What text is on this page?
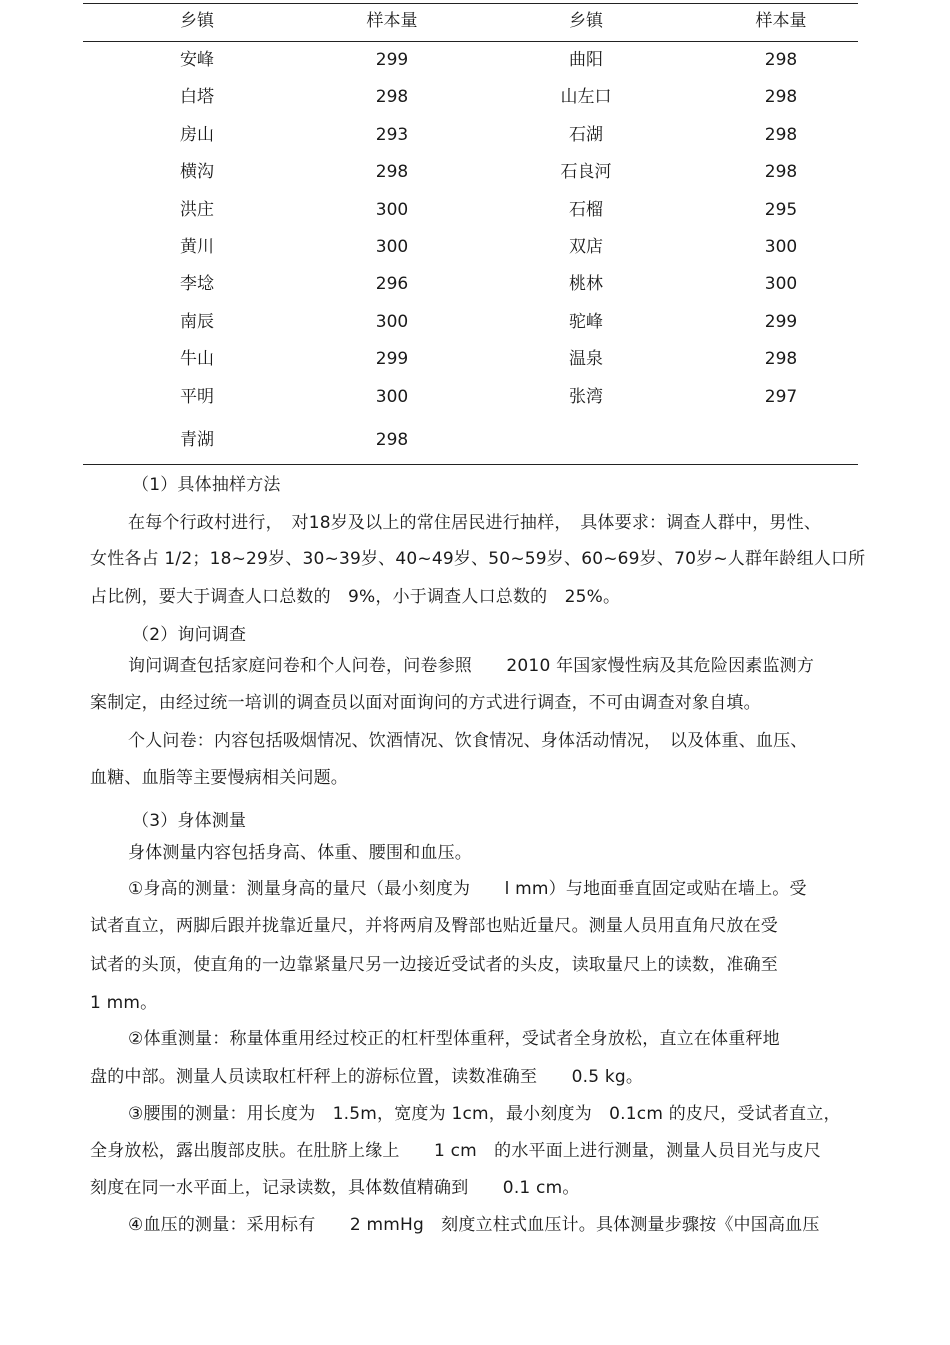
乡镇	样本量	乡镇	样本量
安峰	299	曲阳	298
白塔	298	山左口	298
房山	293	石湖	298
横沟	298	石良河	298
洪庄	300	石榴	295
黄川	300	双店	300
李埝	296	桃林	300
南辰	300	驼峰	299
牛山	299	温泉	298
平明	300	张湾	297
青湖	298
（1）具体抽样方法
在每个行政村进行，　对18岁及以上的常住居民进行抽样，　具体要求：调查人群中，男性、
女性各占 1/2；18~29岁、30~39岁、40~49岁、50~59岁、60~69岁、70岁~人群年龄组人口所
占比例，要大于调查人口总数的　9%，小于调查人口总数的　25%。
（2）询问调查
询问调查包括家庭问卷和个人问卷，问卷参照　　2010 年国家慢性病及其危险因素监测方
案制定，由经过统一培训的调查员以面对面询问的方式进行调查，不可由调查对象自填。
个人问卷：内容包括吸烟情况、饮酒情况、饮食情况、身体活动情况，　以及体重、血压、
血糖、血脂等主要慢病相关问题。
（3）身体测量
身体测量内容包括身高、体重、腰围和血压。
①身高的测量：测量身高的量尺（最小刻度为　　l mm）与地面垂直固定或贴在墙上。受
试者直立，两脚后跟并拢靠近量尺，并将两肩及臀部也贴近量尺。测量人员用直角尺放在受
试者的头顶，使直角的一边靠紧量尺另一边接近受试者的头皮，读取量尺上的读数，准确至
1 mm。
②体重测量：称量体重用经过校正的杠杆型体重秤，受试者全身放松，直立在体重秤地
盘的中部。测量人员读取杠杆秤上的游标位置，读数准确至　　0.5 kg。
③腰围的测量：用长度为　1.5m，宽度为 1cm，最小刻度为　0.1cm 的皮尺，受试者直立，
全身放松，露出腹部皮肤。在肚脐上缘上　　1 cm　的水平面上进行测量，测量人员目光与皮尺
刻度在同一水平面上，记录读数，具体数值精确到　　0.1 cm。
④血压的测量：采用标有　　2 mmHg　刻度立柱式血压计。具体测量步骤按《中国高血压
